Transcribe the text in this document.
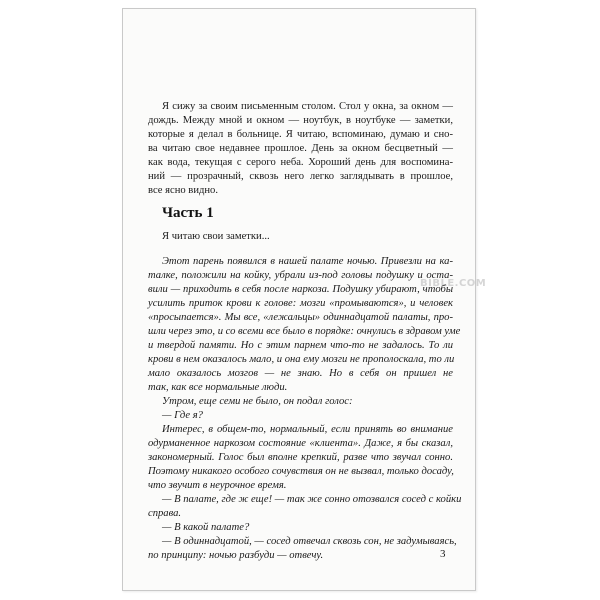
BIBLE.COM
Я сижу за своим письменным столом. Стол у окна, за окном —
дождь. Между мной и окном — ноутбук, в ноутбуке — заметки,
которые я делал в больнице. Я читаю, вспоминаю, думаю и сно-
ва читаю свое недавнее прошлое. День за окном бесцветный —
как вода, текущая с серого неба. Хороший день для воспомина-
ний — прозрачный, сквозь него легко заглядывать в прошлое,
все ясно видно.
Часть 1
Я читаю свои заметки...
Этот парень появился в нашей палате ночью. Привезли на ка-
талке, положили на койку, убрали из-под головы подушку и оста-
вили — приходить в себя после наркоза. Подушку убирают, чтобы
усилить приток крови к голове: мозги «промываются», и человек
«просыпается». Мы все, «лежальцы» одиннадцатой палаты, про-
шли через это, и со всеми все было в порядке: очнулись в здравом уме
и твердой памяти. Но с этим парнем что-то не задалось. То ли
крови в нем оказалось мало, и она ему мозги не прополоскала, то ли
мало оказалось мозгов — не знаю. Но в себя он пришел не
так, как все нормальные люди.
Утром, еще семи не было, он подал голос:
— Где я?
Интерес, в общем-то, нормальный, если принять во внимание
одурманенное наркозом состояние «клиента». Даже, я бы сказал,
закономерный. Голос был вполне крепкий, разве что звучал сонно.
Поэтому никакого особого сочувствия он не вызвал, только досаду,
что звучит в неурочное время.
— В палате, где ж еще! — так же сонно отозвался сосед с койки
справа.
— В какой палате?
— В одиннадцатой, — сосед отвечал сквозь сон, не задумываясь,
по принципу: ночью разбуди — отвечу.	3
